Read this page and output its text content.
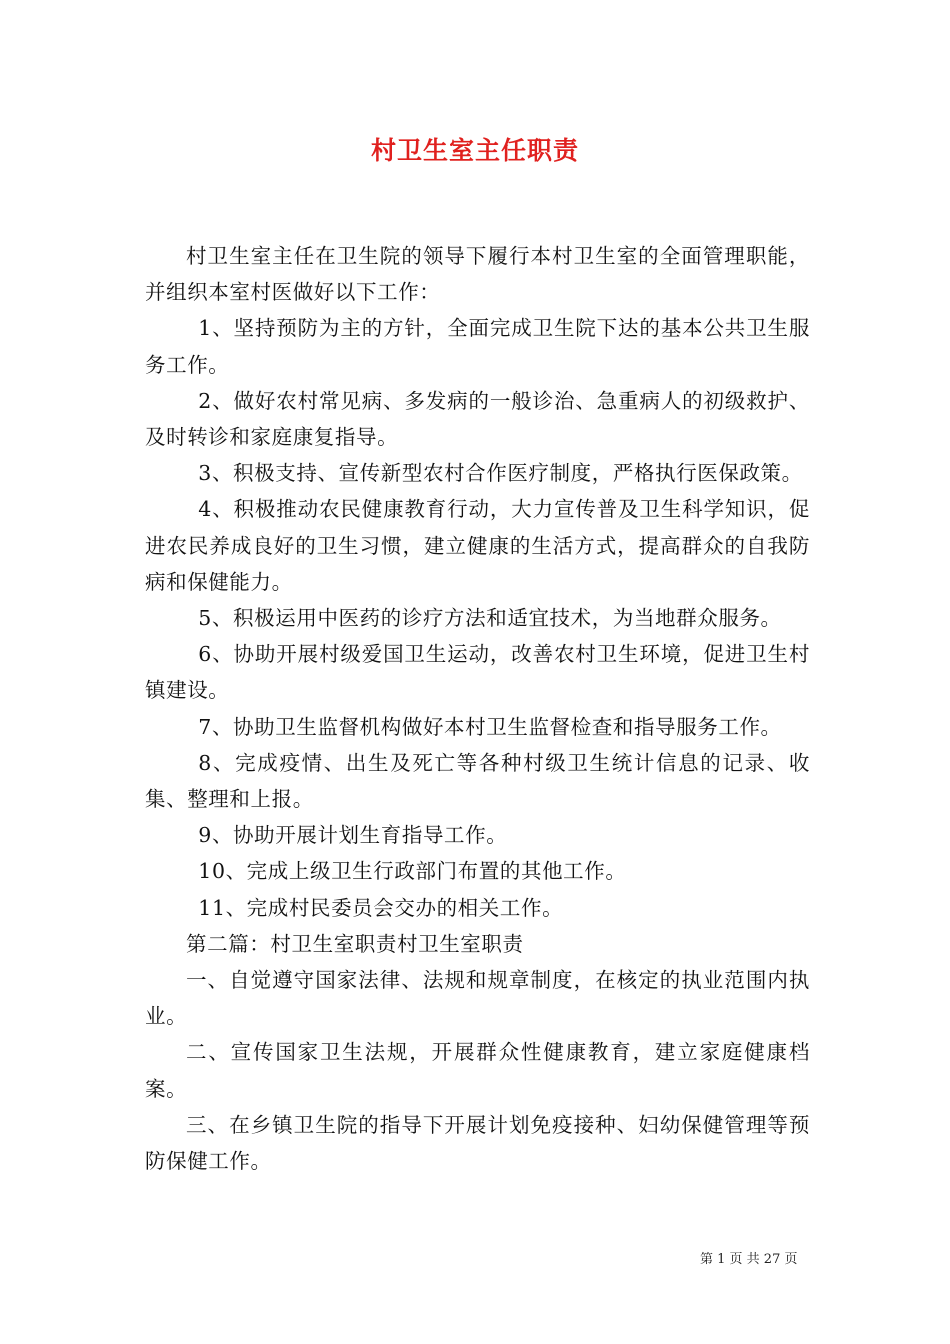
村卫生室主任职责

村卫生室主任在卫生院的领导下履行本村卫生室的全面管理职能，并组织本室村医做好以下工作：

1、坚持预防为主的方针，全面完成卫生院下达的基本公共卫生服务工作。

2、做好农村常见病、多发病的一般诊治、急重病人的初级救护、及时转诊和家庭康复指导。

3、积极支持、宣传新型农村合作医疗制度，严格执行医保政策。

4、积极推动农民健康教育行动，大力宣传普及卫生科学知识，促进农民养成良好的卫生习惯，建立健康的生活方式，提高群众的自我防病和保健能力。

5、积极运用中医药的诊疗方法和适宜技术，为当地群众服务。

6、协助开展村级爱国卫生运动，改善农村卫生环境，促进卫生村镇建设。

7、协助卫生监督机构做好本村卫生监督检查和指导服务工作。

8、完成疫情、出生及死亡等各种村级卫生统计信息的记录、收集、整理和上报。

9、协助开展计划生育指导工作。

10、完成上级卫生行政部门布置的其他工作。

11、完成村民委员会交办的相关工作。

第二篇：村卫生室职责村卫生室职责

一、自觉遵守国家法律、法规和规章制度，在核定的执业范围内执业。

二、宣传国家卫生法规，开展群众性健康教育，建立家庭健康档案。

三、在乡镇卫生院的指导下开展计划免疫接种、妇幼保健管理等预防保健工作。

第 1 页 共 27 页
